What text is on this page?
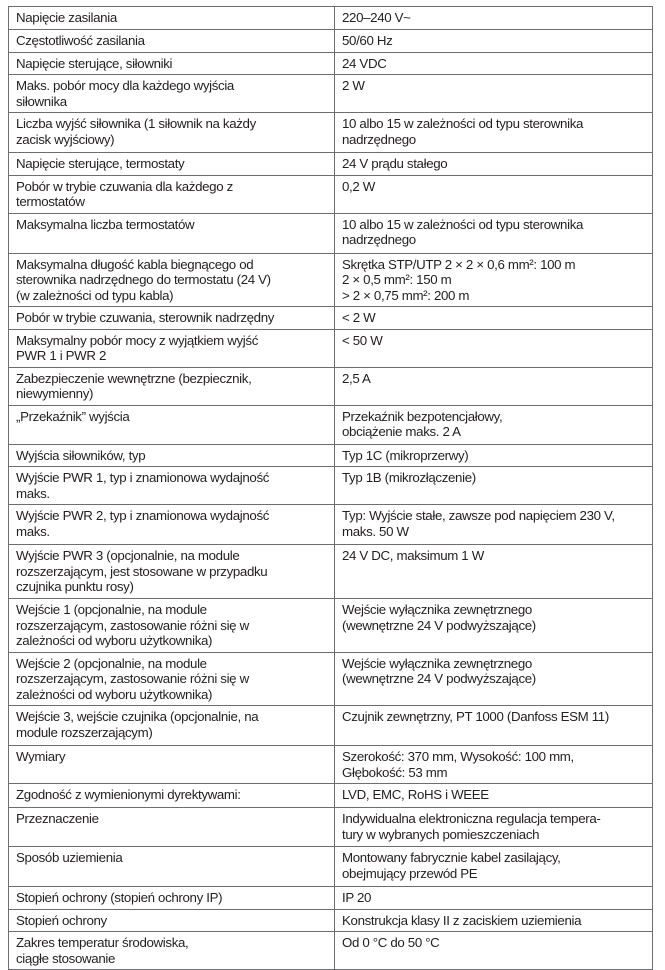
Napięcie zasilania	220–240 V~
Częstotliwość zasilania	50/60 Hz
Napięcie sterujące, siłowniki	24 VDC
Maks. pobór mocy dla każdego wyjścia
siłownika	2 W
Liczba wyjść siłownika (1 siłownik na każdy
zacisk wyjściowy)	10 albo 15 w zależności od typu sterownika
nadrzędnego
Napięcie sterujące, termostaty	24 V prądu stałego
Pobór w trybie czuwania dla każdego z
termostatów	0,2 W
Maksymalna liczba termostatów	10 albo 15 w zależności od typu sterownika
nadrzędnego
Maksymalna długość kabla biegnącego od
sterownika nadrzędnego do termostatu (24 V)
(w zależności od typu kabla)	Skrętka STP/UTP 2 × 2 × 0,6 mm²: 100 m
2 × 0,5 mm²: 150 m
> 2 × 0,75 mm²: 200 m
Pobór w trybie czuwania, sterownik nadrzędny	< 2 W
Maksymalny pobór mocy z wyjątkiem wyjść
PWR 1 i PWR 2	< 50 W
Zabezpieczenie wewnętrzne (bezpiecznik,
niewymienny)	2,5 A
„Przekaźnik” wyjścia	Przekaźnik bezpotencjałowy,
obciążenie maks. 2 A
Wyjścia siłowników, typ	Typ 1C (mikroprzerwy)
Wyjście PWR 1, typ i znamionowa wydajność
maks.	Typ 1B (mikrozłączenie)
Wyjście PWR 2, typ i znamionowa wydajność
maks.	Typ: Wyjście stałe, zawsze pod napięciem 230 V,
maks. 50 W
Wyjście PWR 3 (opcjonalnie, na module
rozszerzającym, jest stosowane w przypadku
czujnika punktu rosy)	24 V DC, maksimum 1 W
Wejście 1 (opcjonalnie, na module
rozszerzającym, zastosowanie różni się w
zależności od wyboru użytkownika)	Wejście wyłącznika zewnętrznego
(wewnętrzne 24 V podwyższające)
Wejście 2 (opcjonalnie, na module
rozszerzającym, zastosowanie różni się w
zależności od wyboru użytkownika)	Wejście wyłącznika zewnętrznego
(wewnętrzne 24 V podwyższające)
Wejście 3, wejście czujnika (opcjonalnie, na
module rozszerzającym)	Czujnik zewnętrzny, PT 1000 (Danfoss ESM 11)
Wymiary	Szerokość: 370 mm, Wysokość: 100 mm,
Głębokość: 53 mm
Zgodność z wymienionymi dyrektywami:	LVD, EMC, RoHS i WEEE
Przeznaczenie	Indywidualna elektroniczna regulacja tempera-
tury w wybranych pomieszczeniach
Sposób uziemienia	Montowany fabrycznie kabel zasilający,
obejmujący przewód PE
Stopień ochrony (stopień ochrony IP)	IP 20
Stopień ochrony	Konstrukcja klasy II z zaciskiem uziemienia
Zakres temperatur środowiska,
ciągłe stosowanie	Od 0 °C do 50 °C
